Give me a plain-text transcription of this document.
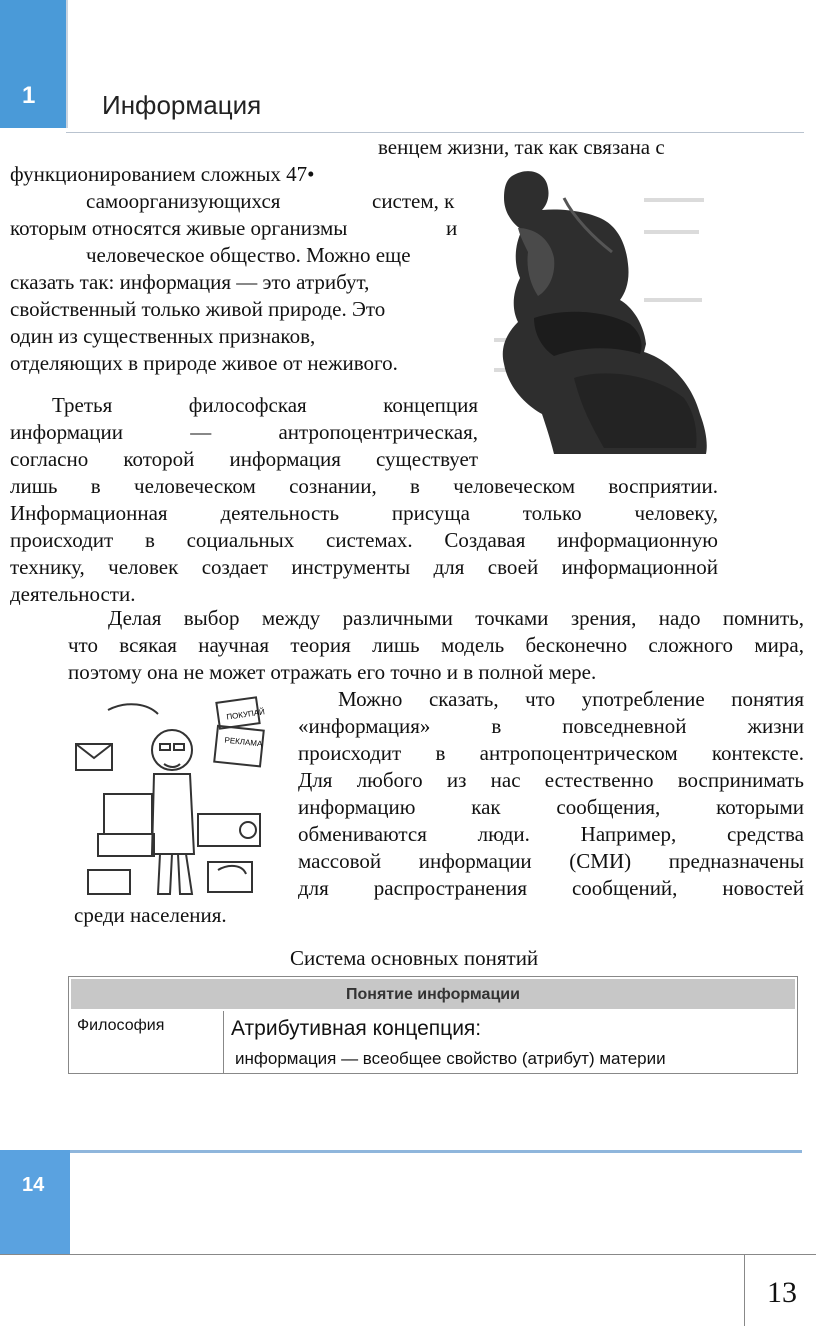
1	Информация
венцем жизни, так как связана с
функционированием сложных 47•
самоорганизующихся	систем, к
которым относятся живые организмы	и
человеческое общество. Можно еще
сказать так: информация — это атрибут,
свойственный только живой природе. Это
один из существенных признаков,
отделяющих в природе живое от неживого.
Третья философская концепция
информации — антропоцентрическая,
согласно которой информация существует
лишь в человеческом сознании, в человеческом восприятии.
Информационная деятельность присуща только человеку,
происходит в социальных системах. Создавая информационную
технику, человек создает инструменты для своей информационной
деятельности.
Делая выбор между различными точками зрения, надо помнить,
что всякая научная теория лишь модель бесконечно сложного мира,
поэтому она не может отражать его точно и в полной мере.
ПОКУПАЙ
РЕКЛАМА
Можно сказать, что употребление понятия
«информация» в повседневной жизни
происходит в антропоцентрическом контексте.
Для любого из нас естественно воспринимать
информацию как сообщения, которыми
обмениваются люди. Например, средства
массовой информации (СМИ) предназначены
для распространения сообщений, новостей
среди населения.
Система основных понятий
Понятие информации
Философия	Атрибутивная концепция:
информация — всеобщее свойство (атрибут) материи
14
13
